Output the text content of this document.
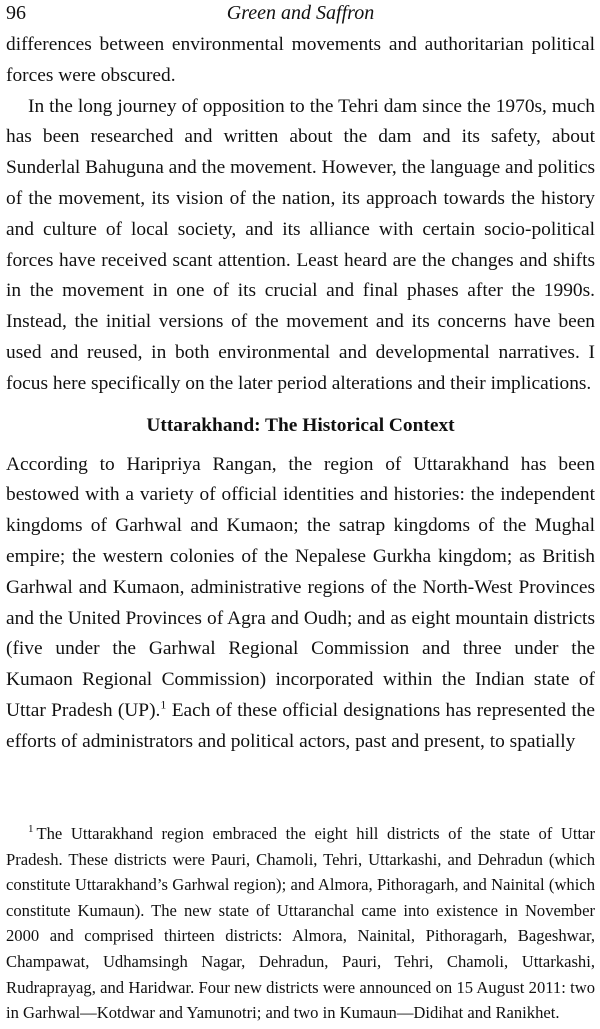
96	Green and Saffron

differences between environmental movements and authoritarian political forces were obscured.

In the long journey of opposition to the Tehri dam since the 1970s, much has been researched and written about the dam and its safety, about Sunderlal Bahuguna and the movement. However, the language and politics of the movement, its vision of the nation, its approach towards the history and culture of local society, and its alliance with certain socio-political forces have received scant attention. Least heard are the changes and shifts in the movement in one of its crucial and final phases after the 1990s. Instead, the initial versions of the movement and its concerns have been used and reused, in both environmental and developmental narratives. I focus here specifically on the later period alterations and their implications.

Uttarakhand: The Historical Context

According to Haripriya Rangan, the region of Uttarakhand has been bestowed with a variety of official identities and histories: the independent kingdoms of Garhwal and Kumaon; the satrap kingdoms of the Mughal empire; the western colonies of the Nepalese Gurkha kingdom; as British Garhwal and Kumaon, administrative regions of the North-West Provinces and the United Provinces of Agra and Oudh; and as eight mountain districts (five under the Garhwal Regional Commission and three under the Kumaon Regional Commission) incorporated within the Indian state of Uttar Pradesh (UP).$^1$ Each of these official designations has represented the efforts of administrators and political actors, past and present, to spatially

$^1$ The Uttarakhand region embraced the eight hill districts of the state of Uttar Pradesh. These districts were Pauri, Chamoli, Tehri, Uttarkashi, and Dehradun (which constitute Uttarakhand’s Garhwal region); and Almora, Pithoragarh, and Nainital (which constitute Kumaun). The new state of Uttaranchal came into existence in November 2000 and comprised thirteen districts: Almora, Nainital, Pithoragarh, Bageshwar, Champawat, Udhamsingh Nagar, Dehradun, Pauri, Tehri, Chamoli, Uttarkashi, Rudraprayag, and Haridwar. Four new districts were announced on 15 August 2011: two in Garhwal—Kotdwar and Yamunotri; and two in Kumaun—Didihat and Ranikhet.
